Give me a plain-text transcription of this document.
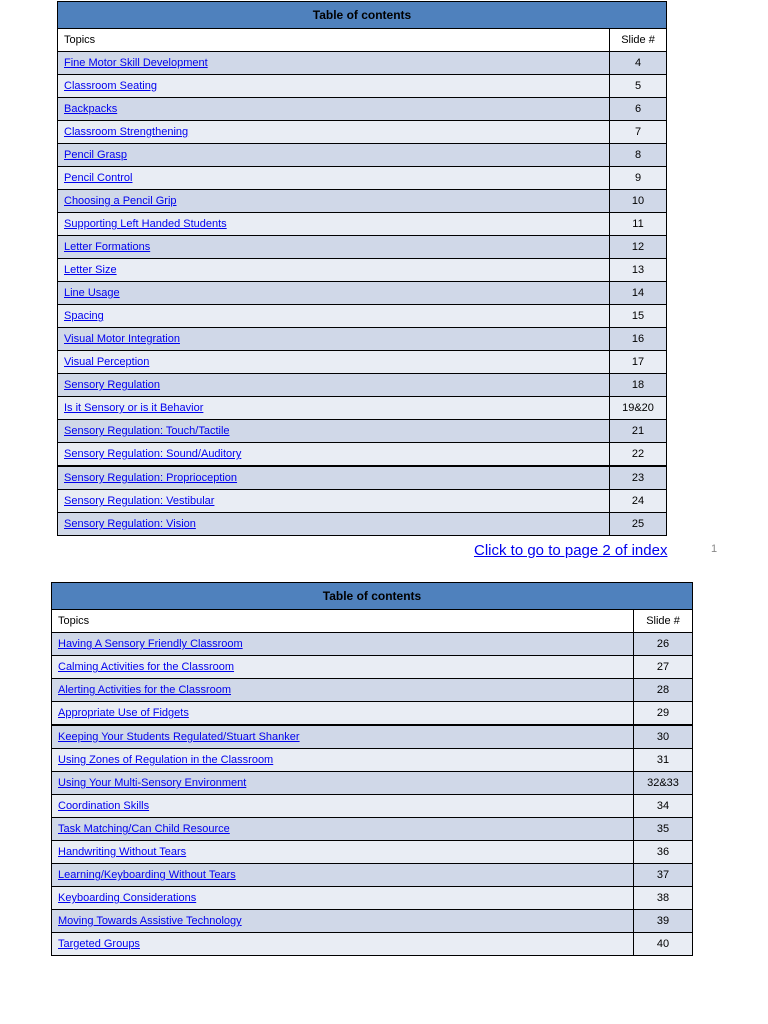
Table of contents	
Topics	Slide #
Fine Motor Skill Development	4
Classroom Seating	5
Backpacks	6
Classroom Strengthening	7
Pencil Grasp	8
Pencil Control	9
Choosing a Pencil Grip	10
Supporting Left Handed Students	11
Letter Formations	12
Letter Size	13
Line Usage	14
Spacing	15
Visual Motor Integration	16
Visual Perception	17
Sensory Regulation	18
Is it Sensory or is it Behavior	19&20
Sensory Regulation: Touch/Tactile	21
Sensory Regulation: Sound/Auditory	22
Sensory Regulation: Proprioception	23
Sensory Regulation: Vestibular	24
Sensory Regulation: Vision	25
Click to go to page 2 of index	1
Table of contents	
Topics	Slide #
Having A Sensory Friendly Classroom	26
Calming Activities for the Classroom	27
Alerting Activities for the Classroom	28
Appropriate Use of Fidgets	29
Keeping Your Students Regulated/Stuart Shanker	30
Using Zones of Regulation in the Classroom	31
Using Your Multi-Sensory Environment	32&33
Coordination Skills	34
Task Matching/Can Child Resource	35
Handwriting Without Tears	36
Learning/Keyboarding Without Tears	37
Keyboarding Considerations	38
Moving Towards Assistive Technology	39
Targeted Groups	40
